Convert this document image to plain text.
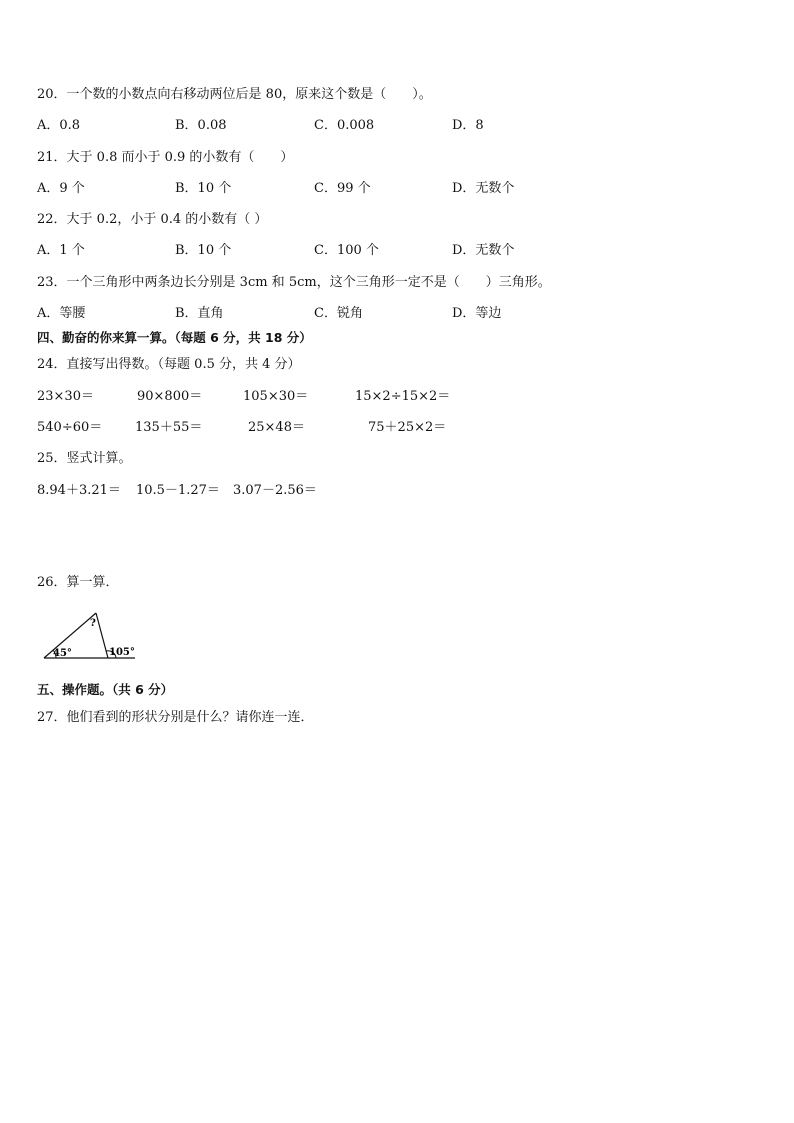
20．一个数的小数点向右移动两位后是 80，原来这个数是（　　）。
A．0.8	B．0.08	C．0.008	D．8
21．大于 0.8 而小于 0.9 的小数有（　　）
A．9 个	B．10 个	C．99 个	D．无数个
22．大于 0.2，小于 0.4 的小数有（ ）
A．1 个	B．10 个	C．100 个	D．无数个
23．一个三角形中两条边长分别是 3cm 和 5cm，这个三角形一定不是（　　）三角形。
A．等腰	B．直角	C．锐角	D．等边
四、勤奋的你来算一算。（每题 6 分，共 18 分）
24．直接写出得数。（每题 0.5 分，共 4 分）
23×30＝	90×800＝	105×30＝	15×2÷15×2＝
540÷60＝	135＋55＝	25×48＝	75＋25×2＝
25．竖式计算。
8.94＋3.21＝ 10.5－1.27＝ 3.07－2.56＝
26．算一算．
45°	105°
?
五、操作题。（共 6 分）
27．他们看到的形状分别是什么？请你连一连．
